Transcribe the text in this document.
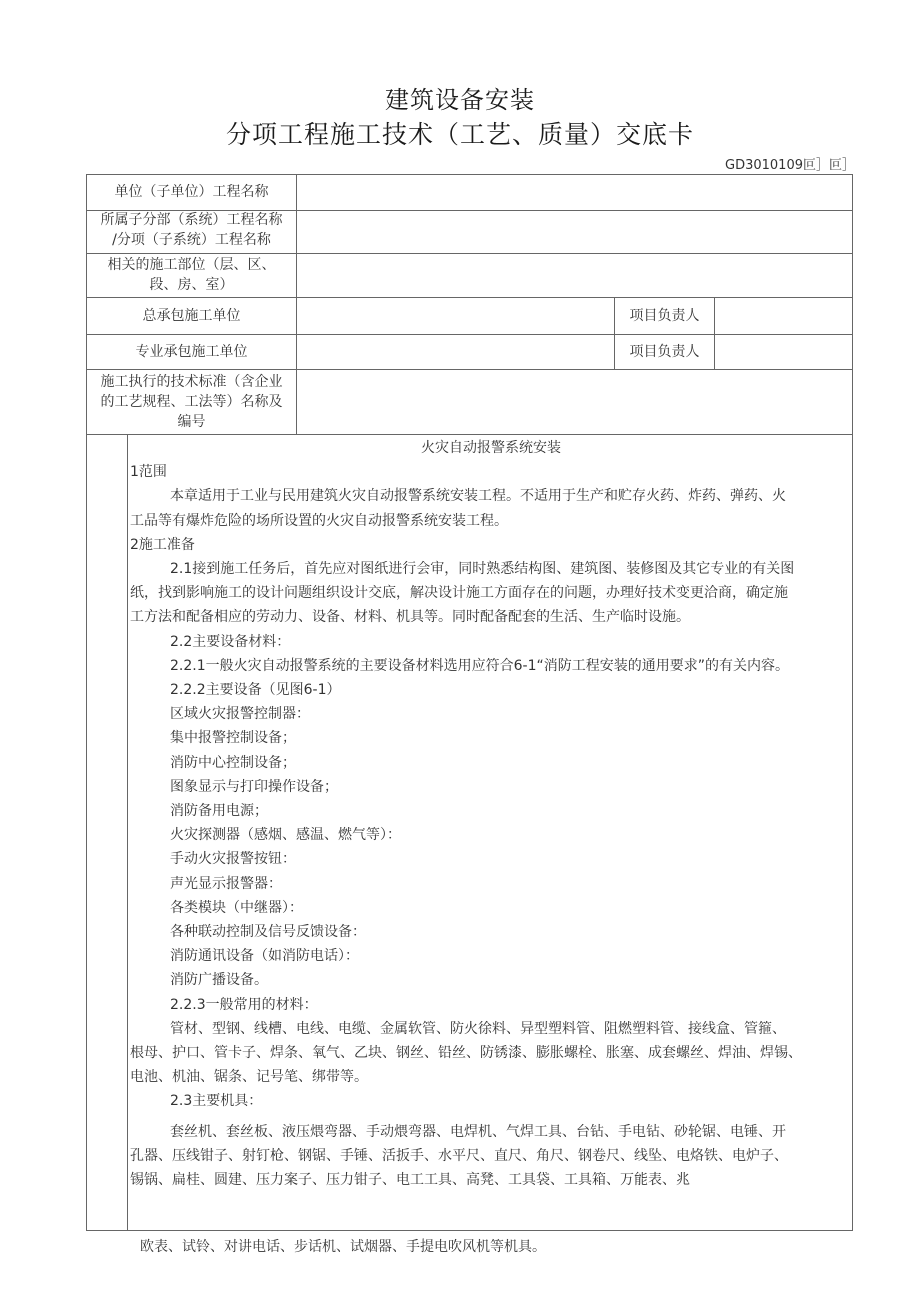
建筑设备安装
分项工程施工技术（工艺、质量）交底卡
GD3010109叵］叵］
单位（子单位）工程名称
所属子分部（系统）工程名称
/分项（子系统）工程名称
相关的施工部位（层、区、
段、房、室）
总承包施工单位	项目负责人
专业承包施工单位	项目负责人
施工执行的技术标准（含企业
的工艺规程、工法等）名称及
编号
火灾自动报警系统安装
1范围
本章适用于工业与民用建筑火灾自动报警系统安装工程。不适用于生产和贮存火药、炸药、弹药、火
工品等有爆炸危险的场所设置的火灾自动报警系统安装工程。
2施工准备
2.1接到施工任务后，首先应对图纸进行会审，同时熟悉结构图、建筑图、装修图及其它专业的有关图
纸，找到影响施工的设计问题组织设计交底，解决设计施工方面存在的问题，办理好技术变更洽商，确定施
工方法和配备相应的劳动力、设备、材料、机具等。同时配备配套的生活、生产临时设施。
2.2主要设备材料：
2.2.1一般火灾自动报警系统的主要设备材料选用应符合6-1“消防工程安装的通用要求”的有关内容。
2.2.2主要设备（见图6-1）
区域火灾报警控制器：
集中报警控制设备；
消防中心控制设备；
图象显示与打印操作设备；
消防备用电源；
火灾探测器（感烟、感温、燃气等）：
手动火灾报警按钮：
声光显示报警器：
各类模块（中继器）：
各种联动控制及信号反馈设备：
消防通讯设备（如消防电话）：
消防广播设备。
2.2.3一般常用的材料：
管材、型钢、线槽、电线、电缆、金属软管、防火徐料、异型塑料管、阻燃塑料管、接线盒、管箍、
根母、护口、管卡子、焊条、氧气、乙块、钢丝、铅丝、防锈漆、膨胀螺栓、胀塞、成套螺丝、焊油、焊锡、
电池、机油、锯条、记号笔、绑带等。
2.3主要机具：
套丝机、套丝板、液压煨弯器、手动煨弯器、电焊机、气焊工具、台钻、手电钻、砂轮锯、电锤、开
孔器、压线钳子、射钉枪、钢锯、手锤、活扳手、水平尺、直尺、角尺、钢卷尺、线坠、电烙铁、电炉子、
锡锅、扁桂、圆建、压力案子、压力钳子、电工工具、高凳、工具袋、工具箱、万能表、兆
欧表、试铃、对讲电话、步话机、试烟器、手提电吹风机等机具。
